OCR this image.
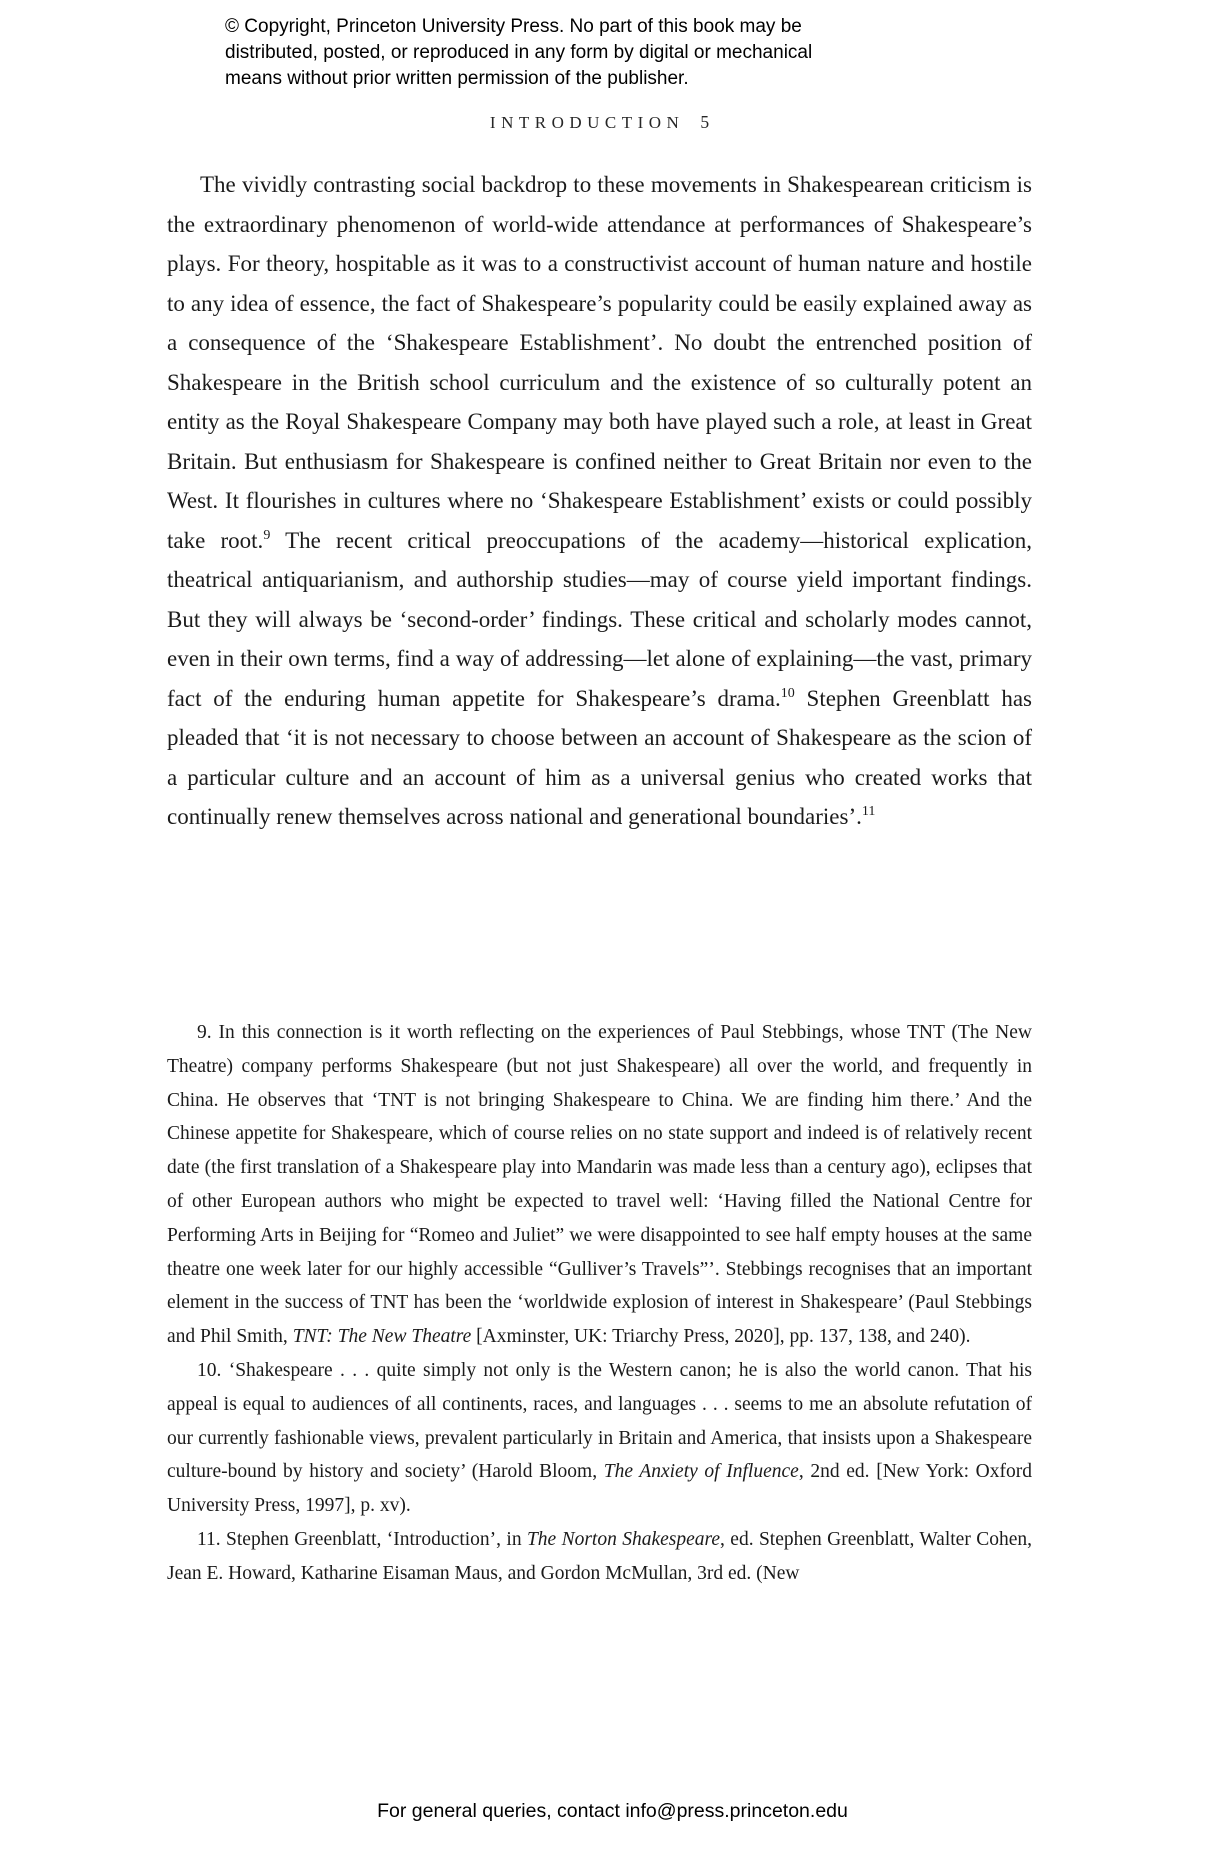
© Copyright, Princeton University Press. No part of this book may be
distributed, posted, or reproduced in any form by digital or mechanical
means without prior written permission of the publisher.
INTRODUCTION 5

The vividly contrasting social backdrop to these movements in Shakespearean criticism is the extraordinary phenomenon of world-wide attendance at performances of Shakespeare’s plays. For theory, hospitable as it was to a constructivist account of human nature and hostile to any idea of essence, the fact of Shakespeare’s popularity could be easily explained away as a consequence of the ‘Shakespeare Establishment’. No doubt the entrenched position of Shakespeare in the British school curriculum and the existence of so culturally potent an entity as the Royal Shakespeare Company may both have played such a role, at least in Great Britain. But enthusiasm for Shakespeare is confined neither to Great Britain nor even to the West. It flourishes in cultures where no ‘Shakespeare Establishment’ exists or could possibly take root.$^9$ The recent critical preoccupations of the academy—historical explication, theatrical antiquarianism, and authorship studies—may of course yield important findings. But they will always be ‘second-order’ findings. These critical and scholarly modes cannot, even in their own terms, find a way of addressing—let alone of explaining—the vast, primary fact of the enduring human appetite for Shakespeare’s drama.$^{10}$ Stephen Greenblatt has pleaded that ‘it is not necessary to choose between an account of Shakespeare as the scion of a particular culture and an account of him as a universal genius who created works that continually renew themselves across national and generational boundaries’.$^{11}$

9. In this connection is it worth reflecting on the experiences of Paul Stebbings, whose TNT (The New Theatre) company performs Shakespeare (but not just Shakespeare) all over the world, and frequently in China. He observes that ‘TNT is not bringing Shakespeare to China. We are finding him there.’ And the Chinese appetite for Shakespeare, which of course relies on no state support and indeed is of relatively recent date (the first translation of a Shakespeare play into Mandarin was made less than a century ago), eclipses that of other European authors who might be expected to travel well: ‘Having filled the National Centre for Performing Arts in Beijing for “Romeo and Juliet” we were disappointed to see half empty houses at the same theatre one week later for our highly accessible “Gulliver’s Travels”’. Stebbings recognises that an important element in the success of TNT has been the ‘worldwide explosion of interest in Shakespeare’ (Paul Stebbings and Phil Smith, TNT: The New Theatre [Axminster, UK: Triarchy Press, 2020], pp. 137, 138, and 240).

10. ‘Shakespeare . . . quite simply not only is the Western canon; he is also the world canon. That his appeal is equal to audiences of all continents, races, and languages . . . seems to me an absolute refutation of our currently fashionable views, prevalent particularly in Britain and America, that insists upon a Shakespeare culture-bound by history and society’ (Harold Bloom, The Anxiety of Influence, 2nd ed. [New York: Oxford University Press, 1997], p. xv).

11. Stephen Greenblatt, ‘Introduction’, in The Norton Shakespeare, ed. Stephen Greenblatt, Walter Cohen, Jean E. Howard, Katharine Eisaman Maus, and Gordon McMullan, 3rd ed. (New

For general queries, contact info@press.princeton.edu
